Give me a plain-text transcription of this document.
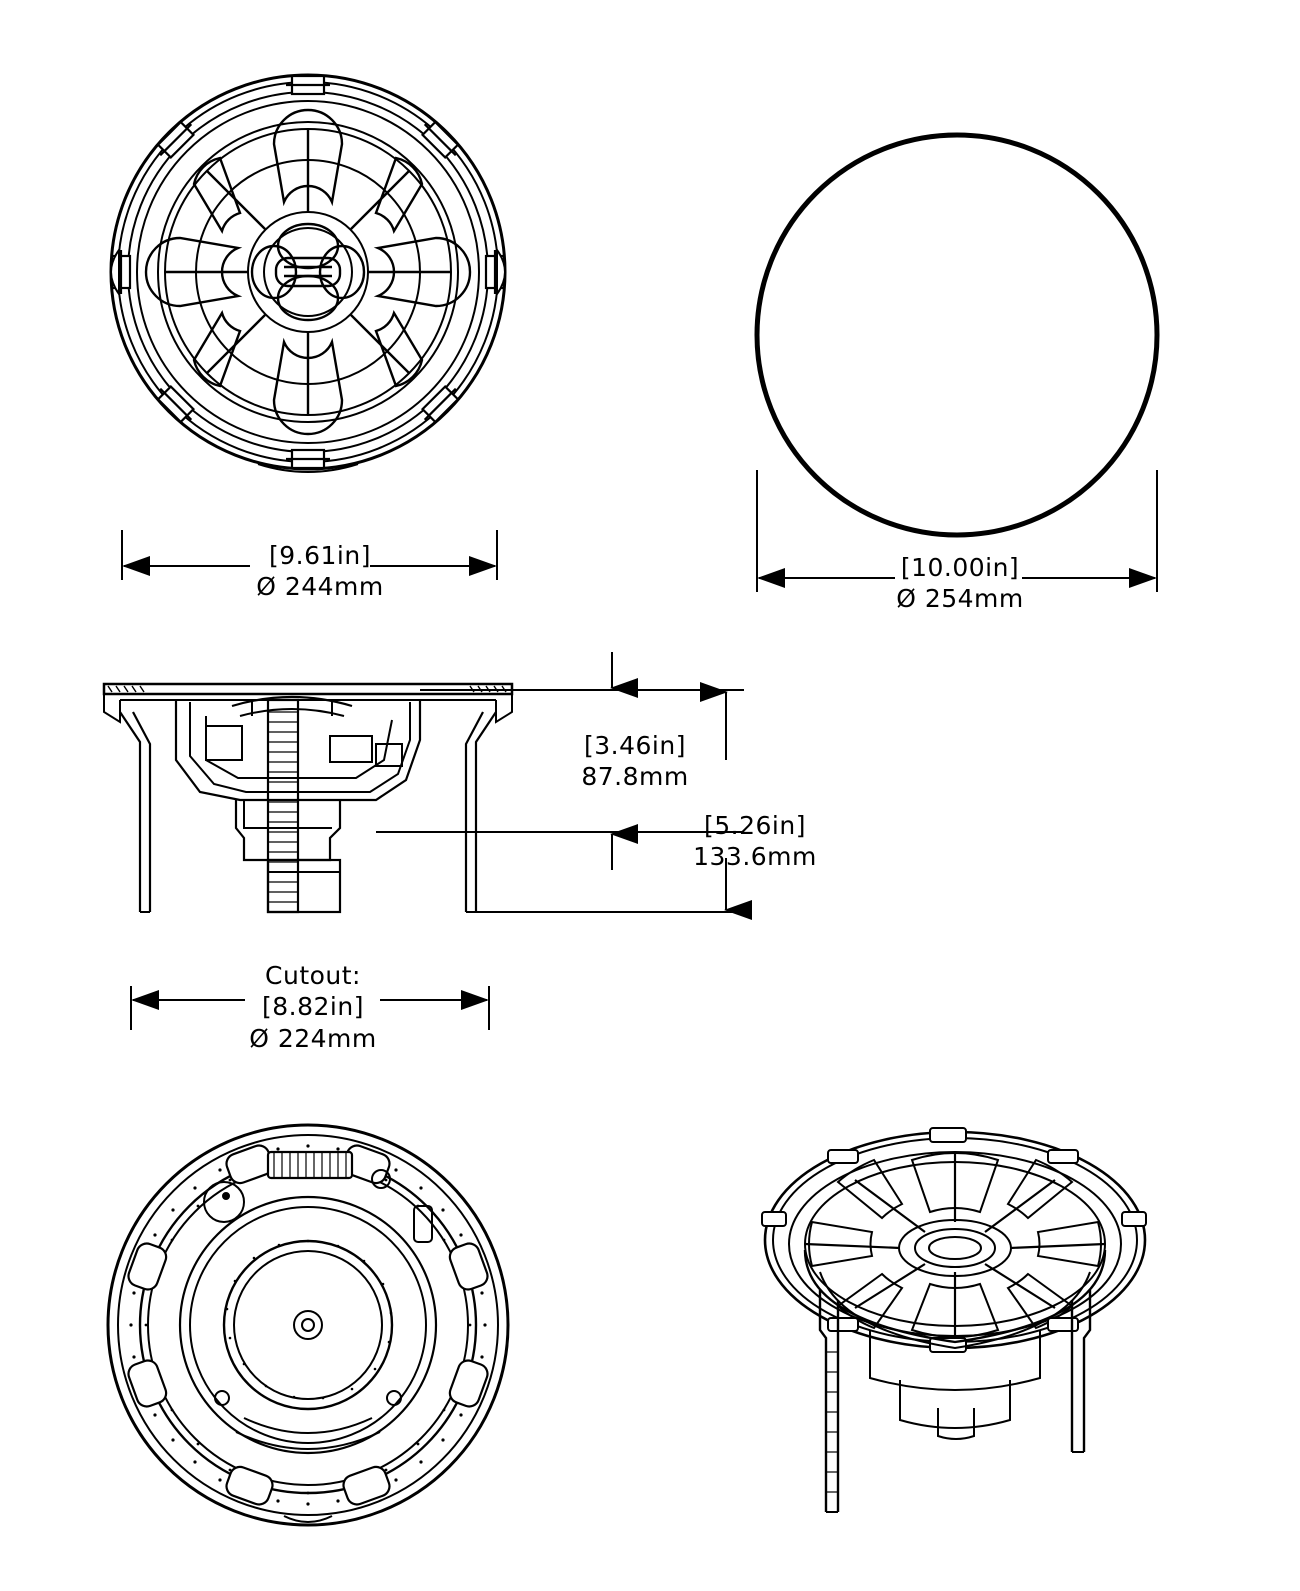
[9.61in]
Ø 244mm
[10.00in]
Ø 254mm
[3.46in]
87.8mm
[5.26in]
133.6mm
Cutout:
[8.82in]
Ø 224mm
